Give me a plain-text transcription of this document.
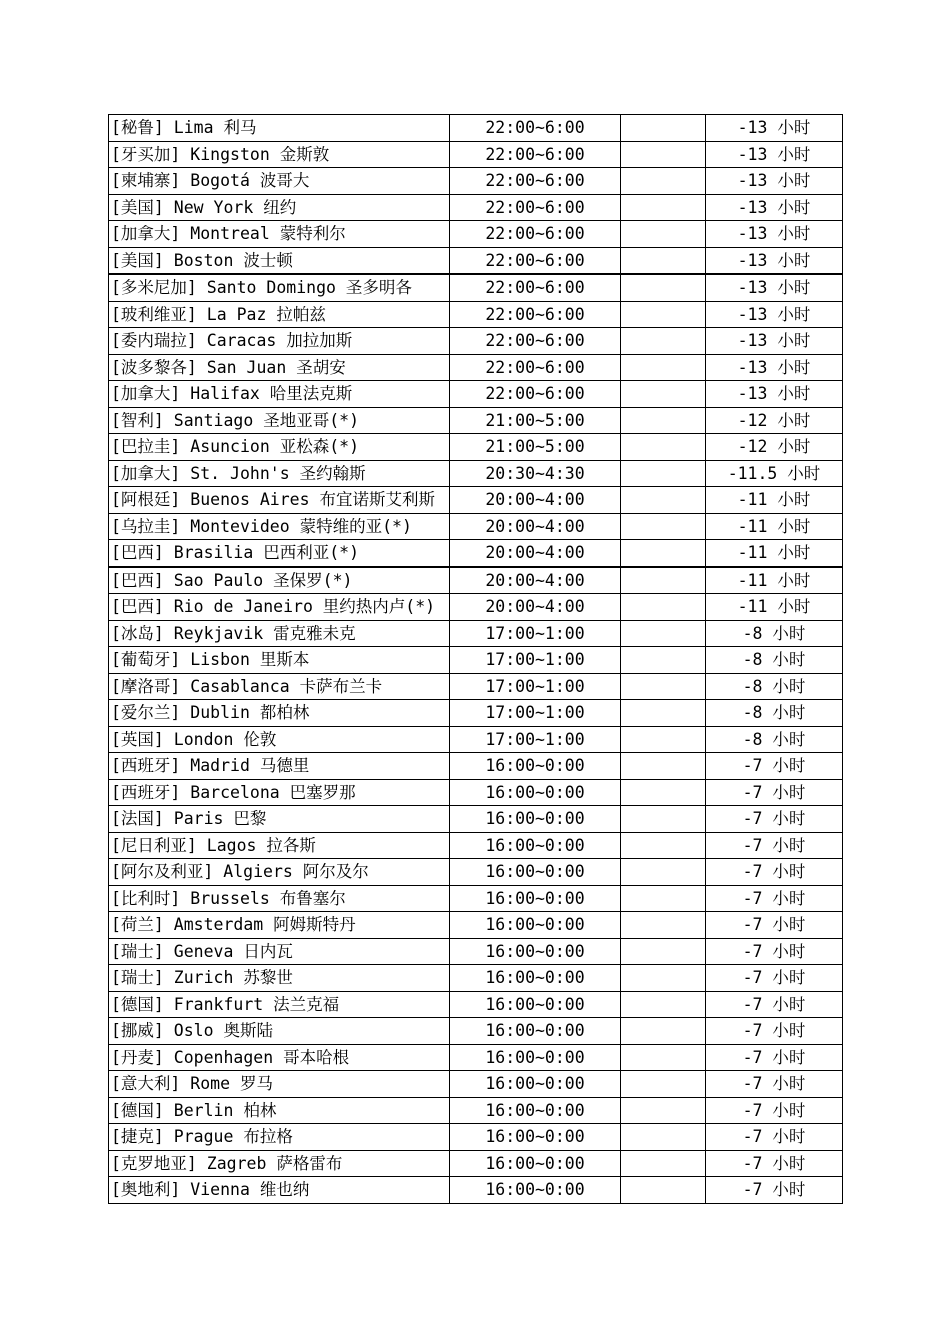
[秘鲁] Lima 利马	22:00~6:00		-13 小时
[牙买加] Kingston 金斯敦	22:00~6:00		-13 小时
[柬埔寨] Bogotá 波哥大	22:00~6:00		-13 小时
[美国] New York 纽约	22:00~6:00		-13 小时
[加拿大] Montreal 蒙特利尔	22:00~6:00		-13 小时
[美国] Boston 波士顿	22:00~6:00		-13 小时
[多米尼加] Santo Domingo 圣多明各	22:00~6:00		-13 小时
[玻利维亚] La Paz 拉帕兹	22:00~6:00		-13 小时
[委内瑞拉] Caracas 加拉加斯	22:00~6:00		-13 小时
[波多黎各] San Juan 圣胡安	22:00~6:00		-13 小时
[加拿大] Halifax 哈里法克斯	22:00~6:00		-13 小时
[智利] Santiago 圣地亚哥(*)	21:00~5:00		-12 小时
[巴拉圭] Asuncion 亚松森(*)	21:00~5:00		-12 小时
[加拿大] St. John's 圣约翰斯	20:30~4:30		-11.5 小时
[阿根廷] Buenos Aires 布宜诺斯艾利斯	20:00~4:00		-11 小时
[乌拉圭] Montevideo 蒙特维的亚(*)	20:00~4:00		-11 小时
[巴西] Brasilia 巴西利亚(*)	20:00~4:00		-11 小时
[巴西] Sao Paulo 圣保罗(*)	20:00~4:00		-11 小时
[巴西] Rio de Janeiro 里约热内卢(*)	20:00~4:00		-11 小时
[冰岛] Reykjavik 雷克雅未克	17:00~1:00		-8 小时
[葡萄牙] Lisbon 里斯本	17:00~1:00		-8 小时
[摩洛哥] Casablanca 卡萨布兰卡	17:00~1:00		-8 小时
[爱尔兰] Dublin 都柏林	17:00~1:00		-8 小时
[英国] London 伦敦	17:00~1:00		-8 小时
[西班牙] Madrid 马德里	16:00~0:00		-7 小时
[西班牙] Barcelona 巴塞罗那	16:00~0:00		-7 小时
[法国] Paris 巴黎	16:00~0:00		-7 小时
[尼日利亚] Lagos 拉各斯	16:00~0:00		-7 小时
[阿尔及利亚] Algiers 阿尔及尔	16:00~0:00		-7 小时
[比利时] Brussels 布鲁塞尔	16:00~0:00		-7 小时
[荷兰] Amsterdam 阿姆斯特丹	16:00~0:00		-7 小时
[瑞士] Geneva 日内瓦	16:00~0:00		-7 小时
[瑞士] Zurich 苏黎世	16:00~0:00		-7 小时
[德国] Frankfurt 法兰克福	16:00~0:00		-7 小时
[挪威] Oslo 奥斯陆	16:00~0:00		-7 小时
[丹麦] Copenhagen 哥本哈根	16:00~0:00		-7 小时
[意大利] Rome 罗马	16:00~0:00		-7 小时
[德国] Berlin 柏林	16:00~0:00		-7 小时
[捷克] Prague 布拉格	16:00~0:00		-7 小时
[克罗地亚] Zagreb 萨格雷布	16:00~0:00		-7 小时
[奥地利] Vienna 维也纳	16:00~0:00		-7 小时
